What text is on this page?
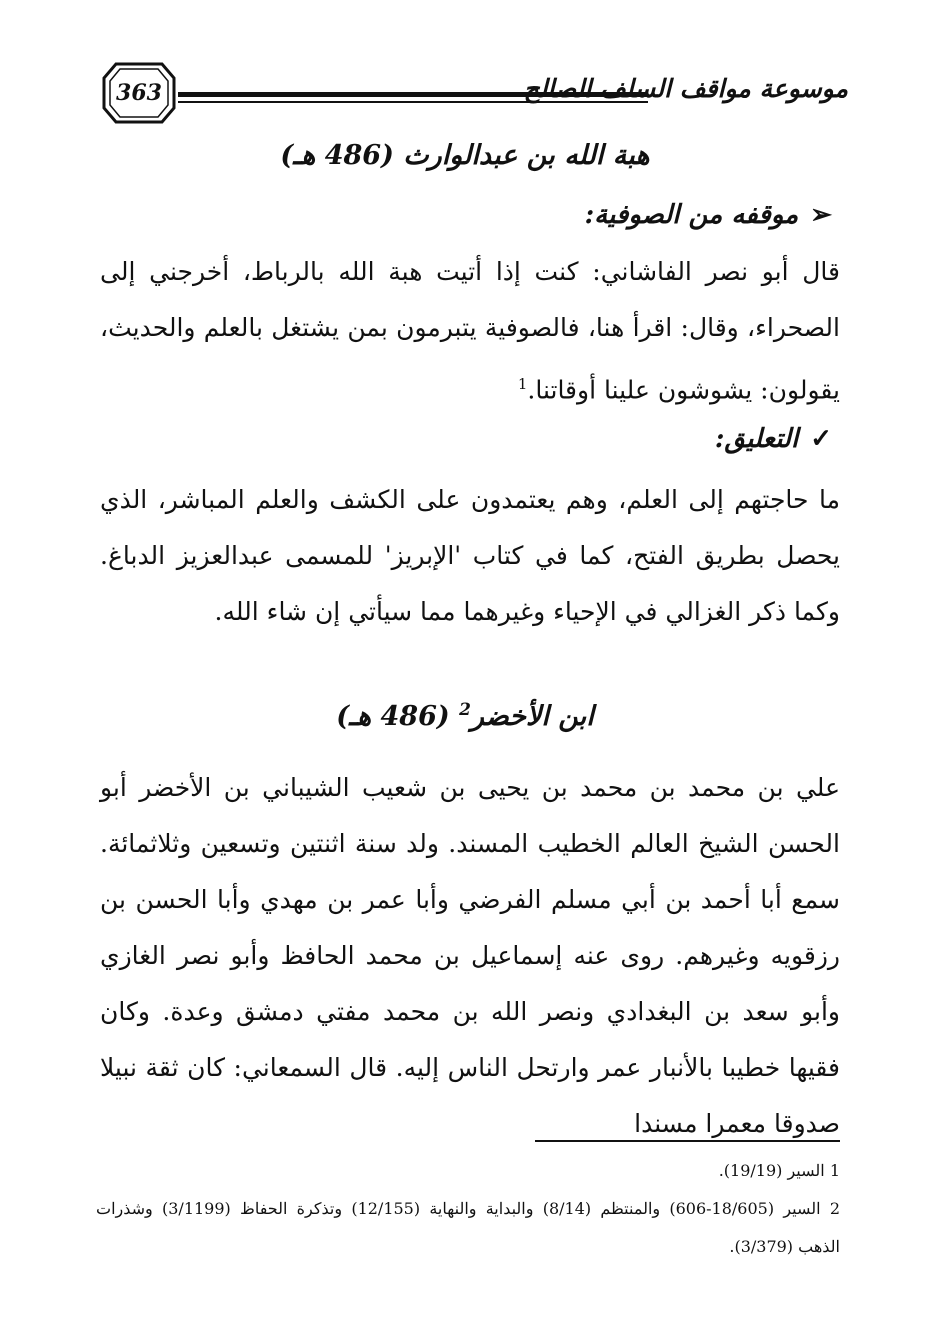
363	موسوعة مواقف السلف الصالح
هبة الله بن عبدالوارث (486 هـ)
➢موقفه من الصوفية:

قال أبو نصر الفاشاني: كنت إذا أتيت هبة الله بالرباط، أخرجني إلى الصحراء، وقال: اقرأ هنا، فالصوفية يتبرمون بمن يشتغل بالعلم والحديث، يقولون: يشوشون علينا أوقاتنا.$^1$

✓التعليق:

ما حاجتهم إلى العلم، وهم يعتمدون على الكشف والعلم المباشر، الذي يحصل بطريق الفتح، كما في كتاب 'الإبريز' للمسمى عبدالعزيز الدباغ. وكما ذكر الغزالي في الإحياء وغيرهما مما سيأتي إن شاء الله.

ابن الأخضر$^2$ (486 هـ)

علي بن محمد بن محمد بن يحيى بن شعيب الشيباني بن الأخضر أبو الحسن الشيخ العالم الخطيب المسند. ولد سنة اثنتين وتسعين وثلاثمائة. سمع أبا أحمد بن أبي مسلم الفرضي وأبا عمر بن مهدي وأبا الحسن بن رزقويه وغيرهم. روى عنه إسماعيل بن محمد الحافظ وأبو نصر الغازي وأبو سعد بن البغدادي ونصر الله بن محمد مفتي دمشق وعدة. وكان فقيها خطيبا بالأنبار عمر وارتحل الناس إليه. قال السمعاني: كان ثقة نبيلا صدوقا معمرا مسندا

1 السير (19/19).

2 السير (18/605-606) والمنتظم (8/14) والبداية والنهاية (12/155) وتذكرة الحفاظ (3/1199) وشذرات الذهب (3/379).
